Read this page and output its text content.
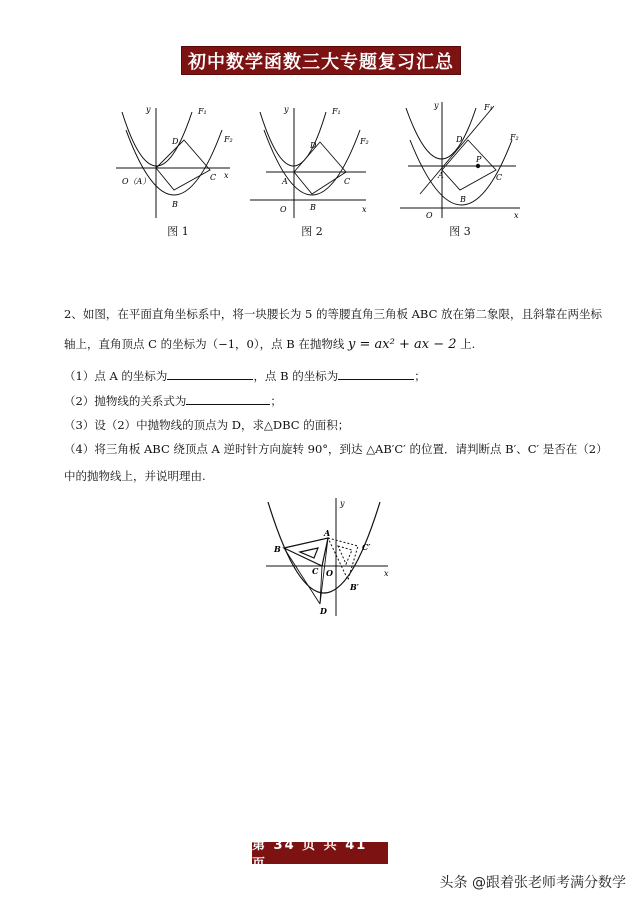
初中数学函数三大专题复习汇总
y
x
F₁
F₂
D
C
B
O（A）
图 1
y
x
F₁
F₂
D
C
B
A
O
图 2
y
x
F₁
F₂
D
C
B
A
P
O
图 3
2、如图，在平面直角坐标系中，将一块腰长为 5 的等腰直角三角板 ABC 放在第二象限，且斜靠在两坐标
轴上，直角顶点 C 的坐标为（−1，0），点 B 在抛物线 y = ax² + ax − 2 上.
（1）点 A 的坐标为	，点 B 的坐标为	；
（2）抛物线的关系式为	；
（3）设（2）中抛物线的顶点为 D，求△DBC 的面积；
（4）将三角板 ABC 绕顶点 A 逆时针方向旋转 90°，到达 △AB′C′ 的位置．请判断点 B′、C′ 是否在（2）
中的抛物线上，并说明理由.
y
x
A
B
C O
D
C′
B′
第 34 页 共 41 页
头条 @跟着张老师考满分数学
